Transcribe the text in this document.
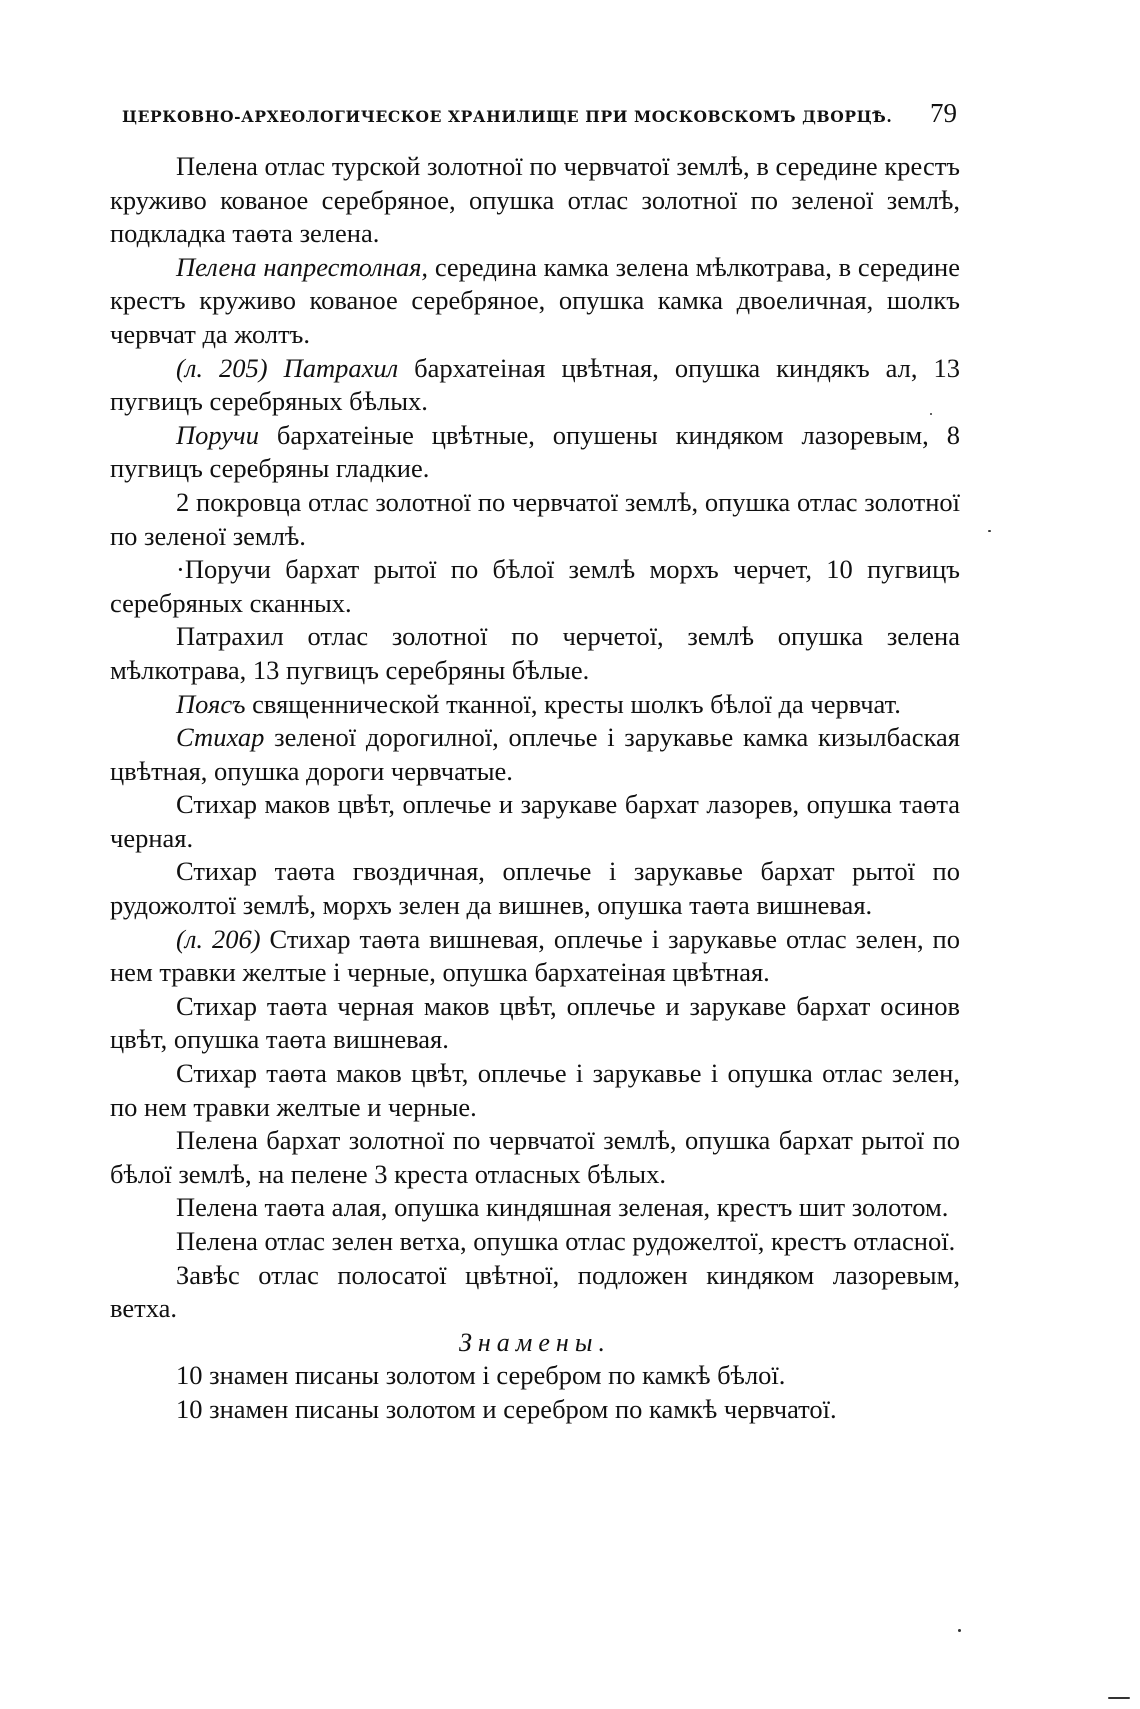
ЦЕРКОВНО-АРХЕОЛОГИЧЕСКОЕ ХРАНИЛИЩЕ ПРИ МОСКОВСКОМЪ ДВОРЦѢ. 79

Пелена отлас турской золотної по червчатої землѣ, в середине крестъ круживо кованое серебряное, опушка отлас золотної по зеленої землѣ, подкладка таөта зелена.

Пелена напрестолная, середина камка зелена мѣлкотрава, в середине крестъ круживо кованое серебряное, опушка камка двоеличная, шолкъ червчат да жолтъ.

(л. 205) Патрахил бархатеіная цвѣтная, опушка киндякъ ал, 13 пугвицъ серебряных бѣлых.

Поручи бархатеіные цвѣтные, опушены киндяком лазоревым, 8 пугвицъ серебряны гладкие.

2 покровца отлас золотної по червчатої землѣ, опушка отлас золотної по зеленої землѣ.

·Поручи бархат рытої по бѣлої землѣ морхъ черчет, 10 пугвицъ серебряных сканных.

Патрахил отлас золотної по черчетої, землѣ опушка зелена мѣлкотрава, 13 пугвицъ серебряны бѣлые.

Поясъ священнической тканної, кресты шолкъ бѣлої да червчат.

Стихар зеленої дорогилної, оплечье і зарукавье камка кизылбаская цвѣтная, опушка дороги червчатые.

Стихар маков цвѣт, оплечье и зарукаве бархат лазорев, опушка таөта черная.

Стихар таөта гвоздичная, оплечье і зарукавье бархат рытої по рудожолтої землѣ, морхъ зелен да вишнев, опушка таөта вишневая.

(л. 206) Стихар таөта вишневая, оплечье і зарукавье отлас зелен, по нем травки желтые і черные, опушка бархатеіная цвѣтная.

Стихар таөта черная маков цвѣт, оплечье и зарукаве бархат осинов цвѣт, опушка таөта вишневая.

Стихар таөта маков цвѣт, оплечье і зарукавье і опушка отлас зелен, по нем травки желтые и черные.

Пелена бархат золотної по червчатої землѣ, опушка бархат рытої по бѣлої землѣ, на пелене 3 креста отласных бѣлых.

Пелена таөта алая, опушка киндяшная зеленая, крестъ шит золотом.

Пелена отлас зелен ветха, опушка отлас рудожелтої, крестъ отласної.

Завѣс отлас полосатої цвѣтної, подложен киндяком лазоревым, ветха.

Знамены.

10 знамен писаны золотом і серебром по камкѣ бѣлої.

10 знамен писаны золотом и серебром по камкѣ червчатої.
